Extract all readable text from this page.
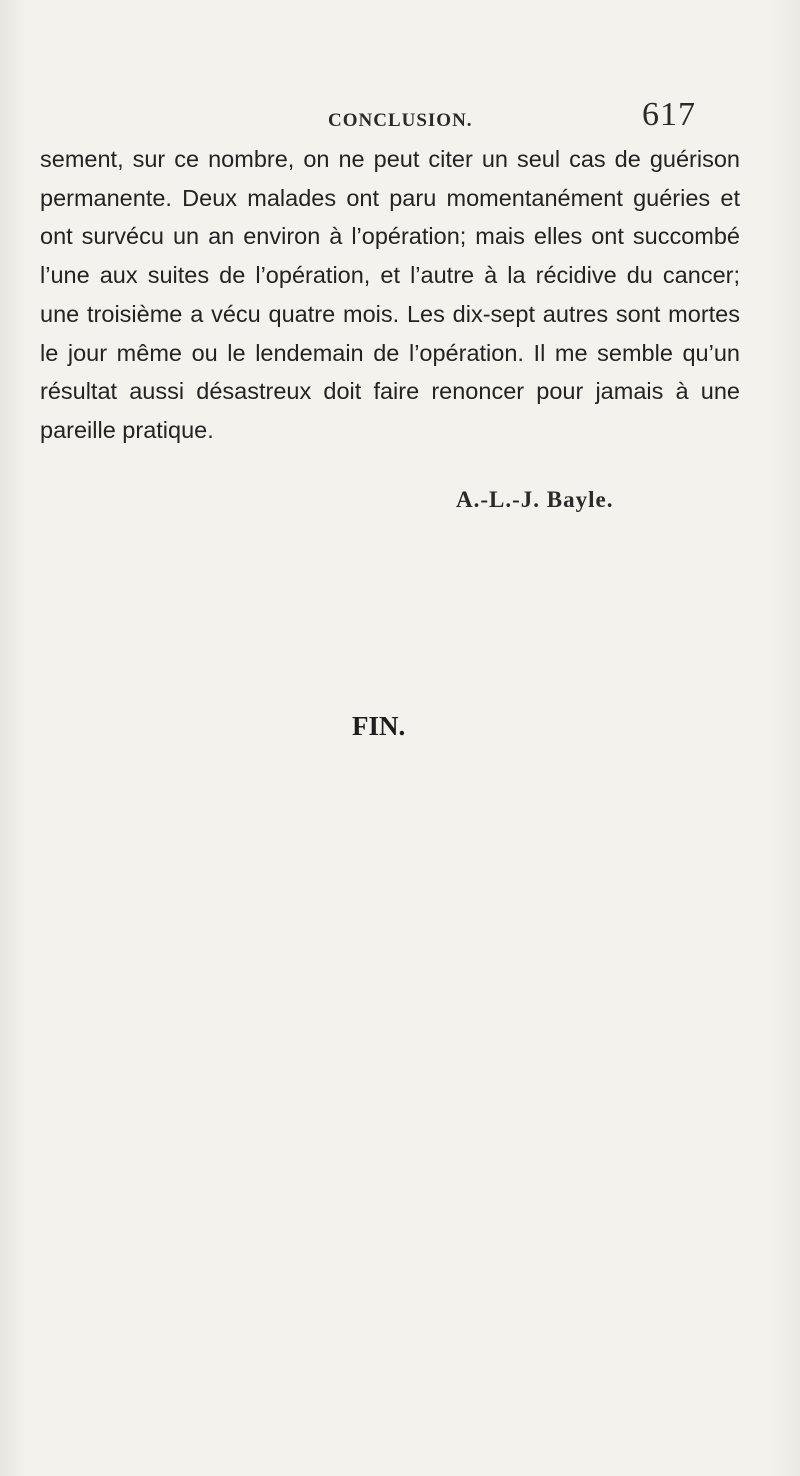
CONCLUSION.	617

sement, sur ce nombre, on ne peut citer un seul cas de guérison permanente. Deux malades ont paru momentanément guéries et ont survécu un an environ à l’opération; mais elles ont succombé l’une aux suites de l’opération, et l’autre à la récidive du cancer; une troisième a vécu quatre mois. Les dix-sept autres sont mortes le jour même ou le lendemain de l’opération. Il me semble qu’un résultat aussi désastreux doit faire renoncer pour jamais à une pareille pratique.

A.-L.-J. Bayle.
FIN.
